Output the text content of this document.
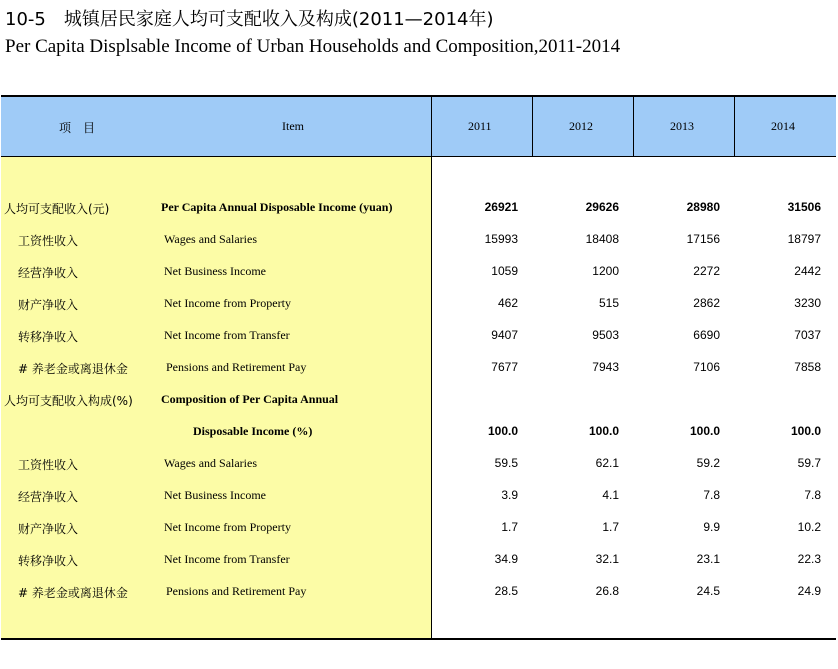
10-5　城镇居民家庭人均可支配收入及构成(2011—2014年)
Per Capita Displsable Income of Urban Households and Composition,2011-2014
项　目	Item	2011	2012	2013	2014
人均可支配收入(元)	Per Capita Annual Disposable Income (yuan)	26921	29626	28980	31506
工资性收入	Wages and Salaries	15993	18408	17156	18797
经营净收入	Net Business Income	1059	1200	2272	2442
财产净收入	Net Income from Property	462	515	2862	3230
转移净收入	Net Income from Transfer	9407	9503	6690	7037
# 养老金或离退休金	Pensions and Retirement Pay	7677	7943	7106	7858
人均可支配收入构成(%) Composition of Per Capita Annual
Disposable Income (%)	100.0	100.0	100.0	100.0
工资性收入	Wages and Salaries	59.5	62.1	59.2	59.7
经营净收入	Net Business Income	3.9	4.1	7.8	7.8
财产净收入	Net Income from Property	1.7	1.7	9.9	10.2
转移净收入	Net Income from Transfer	34.9	32.1	23.1	22.3
# 养老金或离退休金	Pensions and Retirement Pay	28.5	26.8	24.5	24.9
